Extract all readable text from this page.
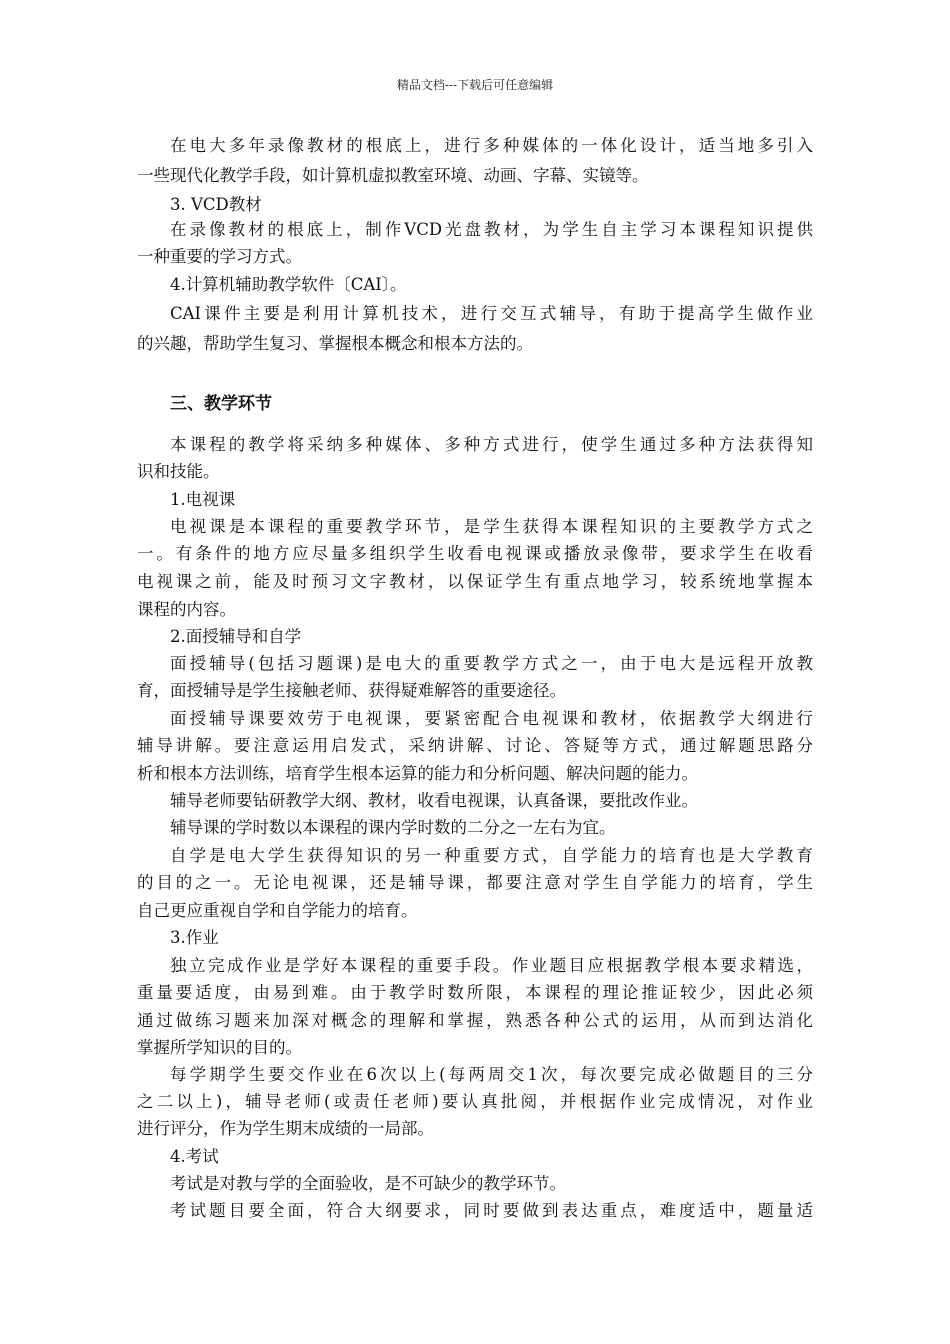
精品文档---下载后可任意编辑
在电大多年录像教材的根底上，进行多种媒体的一体化设计，适当地多引入
一些现代化教学手段，如计算机虚拟教室环境、动画、字幕、实镜等。
3. VCD教材
在录像教材的根底上，制作VCD光盘教材，为学生自主学习本课程知识提供
一种重要的学习方式。
4.计算机辅助教学软件〔CAI〕。
CAI课件主要是利用计算机技术，进行交互式辅导，有助于提高学生做作业
的兴趣，帮助学生复习、掌握根本概念和根本方法的。
三、教学环节
本课程的教学将采纳多种媒体、多种方式进行，使学生通过多种方法获得知
识和技能。
1.电视课
电视课是本课程的重要教学环节，是学生获得本课程知识的主要教学方式之
一。有条件的地方应尽量多组织学生收看电视课或播放录像带，要求学生在收看
电视课之前，能及时预习文字教材，以保证学生有重点地学习，较系统地掌握本
课程的内容。
2.面授辅导和自学
面授辅导(包括习题课)是电大的重要教学方式之一，由于电大是远程开放教
育，面授辅导是学生接触老师、获得疑难解答的重要途径。
面授辅导课要效劳于电视课，要紧密配合电视课和教材，依据教学大纲进行
辅导讲解。要注意运用启发式，采纳讲解、讨论、答疑等方式，通过解题思路分
析和根本方法训练，培育学生根本运算的能力和分析问题、解决问题的能力。
辅导老师要钻研教学大纲、教材，收看电视课，认真备课，要批改作业。
辅导课的学时数以本课程的课内学时数的二分之一左右为宜。
自学是电大学生获得知识的另一种重要方式，自学能力的培育也是大学教育
的目的之一。无论电视课，还是辅导课，都要注意对学生自学能力的培育，学生
自己更应重视自学和自学能力的培育。
3.作业
独立完成作业是学好本课程的重要手段。作业题目应根据教学根本要求精选，
重量要适度，由易到难。由于教学时数所限，本课程的理论推证较少，因此必须
通过做练习题来加深对概念的理解和掌握，熟悉各种公式的运用，从而到达消化
掌握所学知识的目的。
每学期学生要交作业在6次以上(每两周交1次，每次要完成必做题目的三分
之二以上)，辅导老师(或责任老师)要认真批阅，并根据作业完成情况，对作业
进行评分，作为学生期末成绩的一局部。
4.考试
考试是对教与学的全面验收，是不可缺少的教学环节。
考试题目要全面，符合大纲要求，同时要做到表达重点，难度适中，题量适
